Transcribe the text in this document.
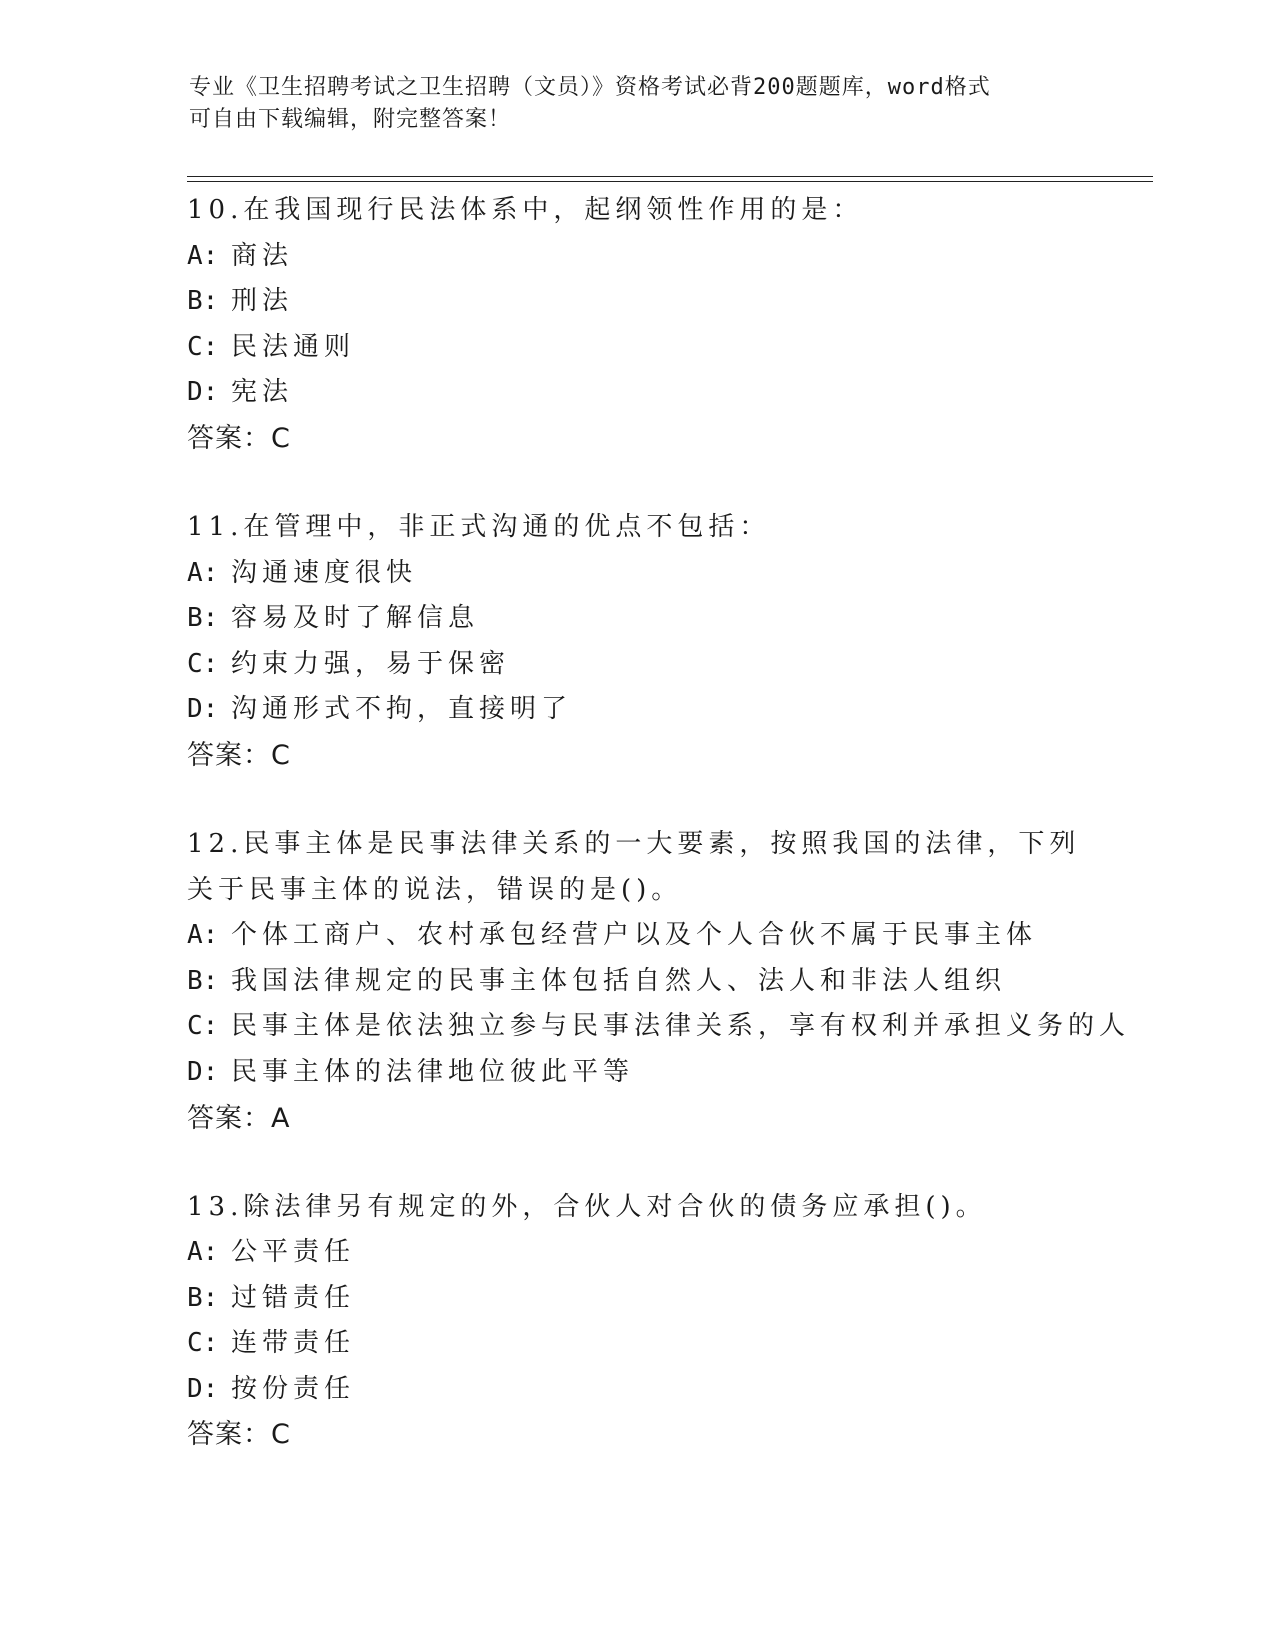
专业《卫生招聘考试之卫生招聘（文员）》资格考试必背200题题库，word格式
可自由下载编辑，附完整答案！
10.在我国现行民法体系中，起纲领性作用的是：
A: 商法
B: 刑法
C: 民法通则
D: 宪法
答案：C
11.在管理中，非正式沟通的优点不包括：
A: 沟通速度很快
B: 容易及时了解信息
C: 约束力强，易于保密
D: 沟通形式不拘，直接明了
答案：C
12.民事主体是民事法律关系的一大要素，按照我国的法律，下列关于民事主体的说法，错误的是()。
A: 个体工商户、农村承包经营户以及个人合伙不属于民事主体
B: 我国法律规定的民事主体包括自然人、法人和非法人组织
C: 民事主体是依法独立参与民事法律关系，享有权利并承担义务的人
D: 民事主体的法律地位彼此平等
答案：A
13.除法律另有规定的外，合伙人对合伙的债务应承担()。
A: 公平责任
B: 过错责任
C: 连带责任
D: 按份责任
答案：C
